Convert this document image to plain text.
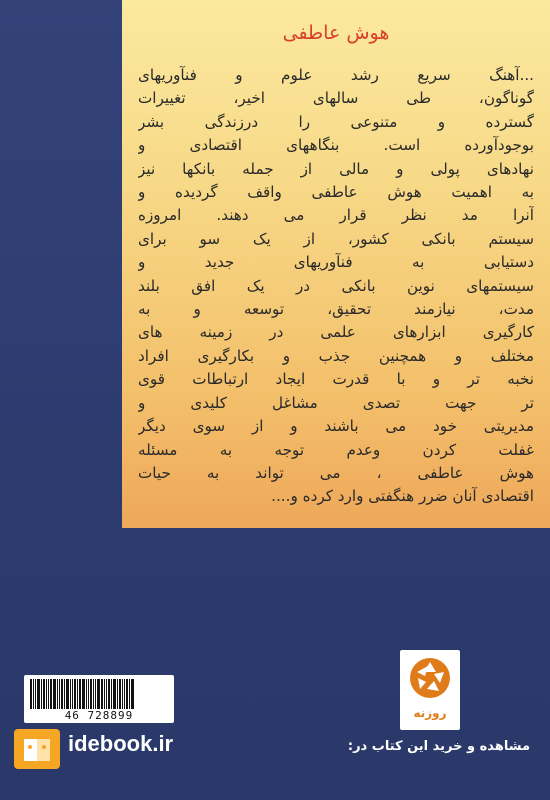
هوش عاطفی
...آهنگ سریع رشد علوم و فنآوریهای
گوناگون، طی سالهای اخیر، تغییرات
گسترده و متنوعی را درزندگی بشر
بوجودآورده است. بنگاههای اقتصادی و
نهادهای پولی و مالی از جمله بانکها نیز
به اهمیت هوش عاطفی واقف گردیده و
آنرا مد نظر قرار می دهند. امروزه
سیستم بانکی کشور، از یک سو برای
دستیابی به فنآوریهای جدید و
سیستمهای نوین بانکی در یک افق بلند
مدت، نیازمند تحقیق، توسعه و به
کارگیری ابزارهای علمی در زمینه های
مختلف و همچنین جذب و بکارگیری افراد
نخبه تر و با قدرت ایجاد ارتباطات قوی
تر جهت تصدی مشاغل کلیدی و
مدیریتی خود می باشند و از سوی دیگر
غفلت کردن وعدم توجه به مسئله
هوش عاطفی ، می تواند به حیات
اقتصادی آنان ضرر هنگفتی وارد کرده و....
46 728899	روزنه
idebook.ir	مشاهده و خرید این کتاب در:
